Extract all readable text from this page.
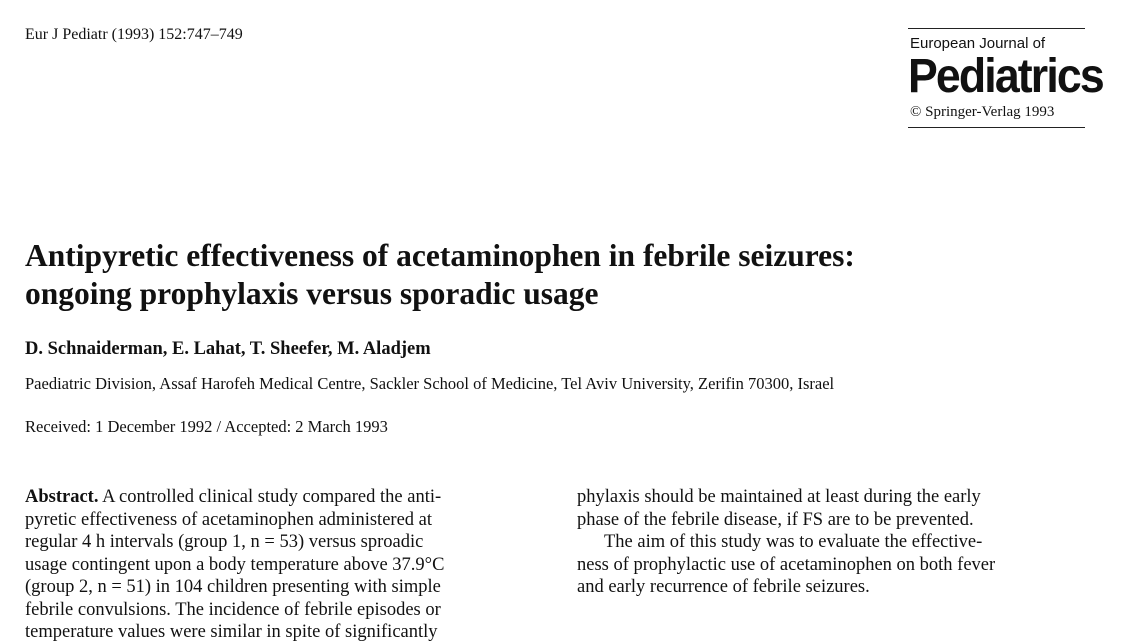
Eur J Pediatr (1993) 152:747–749
European Journal of
Pediatrics
© Springer-Verlag 1993
Antipyretic effectiveness of acetaminophen in febrile seizures:
ongoing prophylaxis versus sporadic usage
D. Schnaiderman, E. Lahat, T. Sheefer, M. Aladjem
Paediatric Division, Assaf Harofeh Medical Centre, Sackler School of Medicine, Tel Aviv University, Zerifin 70300, Israel
Received: 1 December 1992 / Accepted: 2 March 1993
Abstract. A controlled clinical study compared the anti-
pyretic effectiveness of acetaminophen administered at
regular 4 h intervals (group 1, n = 53) versus sproadic
usage contingent upon a body temperature above 37.9°C
(group 2, n = 51) in 104 children presenting with simple
febrile convulsions. The incidence of febrile episodes or
temperature values were similar in spite of significantly
phylaxis should be maintained at least during the early
phase of the febrile disease, if FS are to be prevented.
The aim of this study was to evaluate the effective-
ness of prophylactic use of acetaminophen on both fever
and early recurrence of febrile seizures.
